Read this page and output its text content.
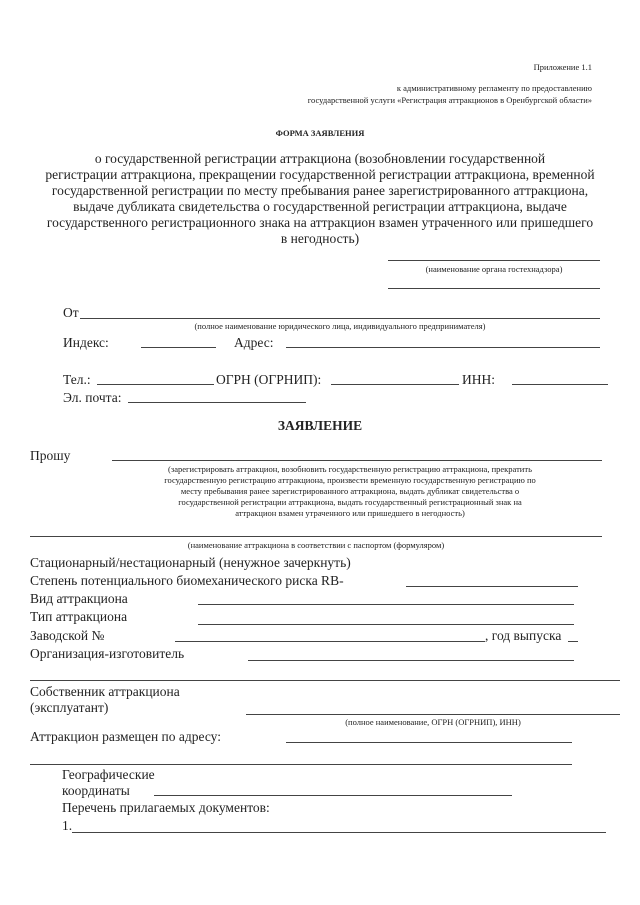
Приложение 1.1
к административному регламенту по предоставлению
государственной услуги «Регистрация аттракционов в Оренбургской области»
ФОРМА ЗАЯВЛЕНИЯ
о государственной регистрации аттракциона (возобновлении государственной
регистрации аттракциона, прекращении государственной регистрации аттракциона, временной
государственной регистрации по месту пребывания ранее зарегистрированного аттракциона,
выдаче дубликата свидетельства о государственной регистрации аттракциона, выдаче
государственного регистрационного знака на аттракцион взамен утраченного или пришедшего
в негодность)
(наименование органа гостехнадзора)
От
(полное наименование юридического лица, индивидуального предпринимателя)
Индекс:	Адрес:
Тел.:	ОГРН (ОГРНИП):	ИНН:
Эл. почта:
ЗАЯВЛЕНИЕ
Прошу
(зарегистрировать аттракцион, возобновить государственную регистрацию аттракциона, прекратить
государственную регистрацию аттракциона, произвести временную государственную регистрацию по
месту пребывания ранее зарегистрированного аттракциона, выдать дубликат свидетельства о
государственной регистрации аттракциона, выдать государственный регистрационный знак на
аттракцион взамен утраченного или пришедшего в негодность)
(наименование аттракциона в соответствии с паспортом (формуляром)
Стационарный/нестационарный (ненужное зачеркнуть)
Степень потенциального биомеханического риска RB-
Вид аттракциона
Тип аттракциона
Заводской №	, год выпуска
Организация-изготовитель
Собственник аттракциона
(эксплуатант)
(полное наименование, ОГРН (ОГРНИП), ИНН)
Аттракцион размещен по адресу:
Географические
координаты
Перечень прилагаемых документов:
1.
